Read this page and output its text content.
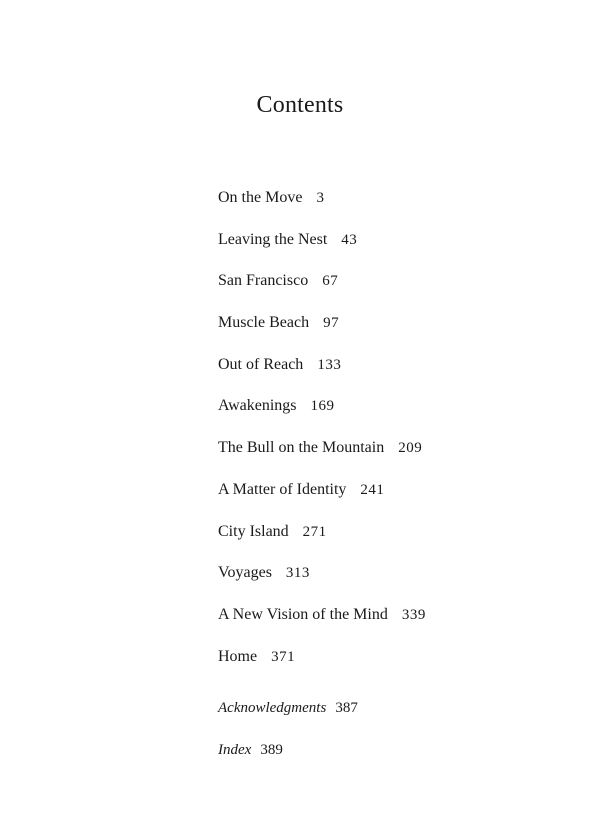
Contents
On the Move 3
Leaving the Nest 43
San Francisco 67
Muscle Beach 97
Out of Reach 133
Awakenings 169
The Bull on the Mountain 209
A Matter of Identity 241
City Island 271
Voyages 313
A New Vision of the Mind 339
Home 371
Acknowledgments 387
Index 389
